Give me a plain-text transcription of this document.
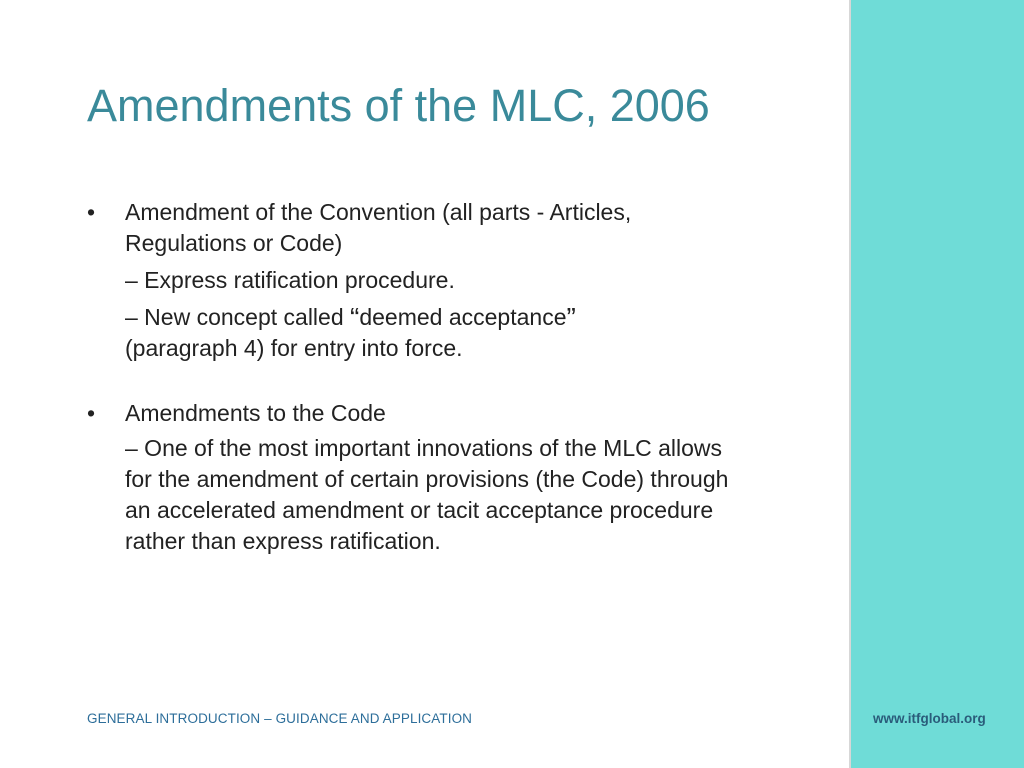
Amendments of the MLC, 2006
• Amendment of the Convention (all parts - Articles, Regulations or Code)
– Express ratification procedure.
– New concept called “deemed acceptance”
(paragraph 4) for entry into force.
• Amendments to the Code
– One of the most important innovations of the MLC allows for the amendment of certain provisions (the Code) through an accelerated amendment or tacit acceptance procedure rather than express ratification.
GENERAL INTRODUCTION – GUIDANCE AND APPLICATION	www.itfglobal.org
